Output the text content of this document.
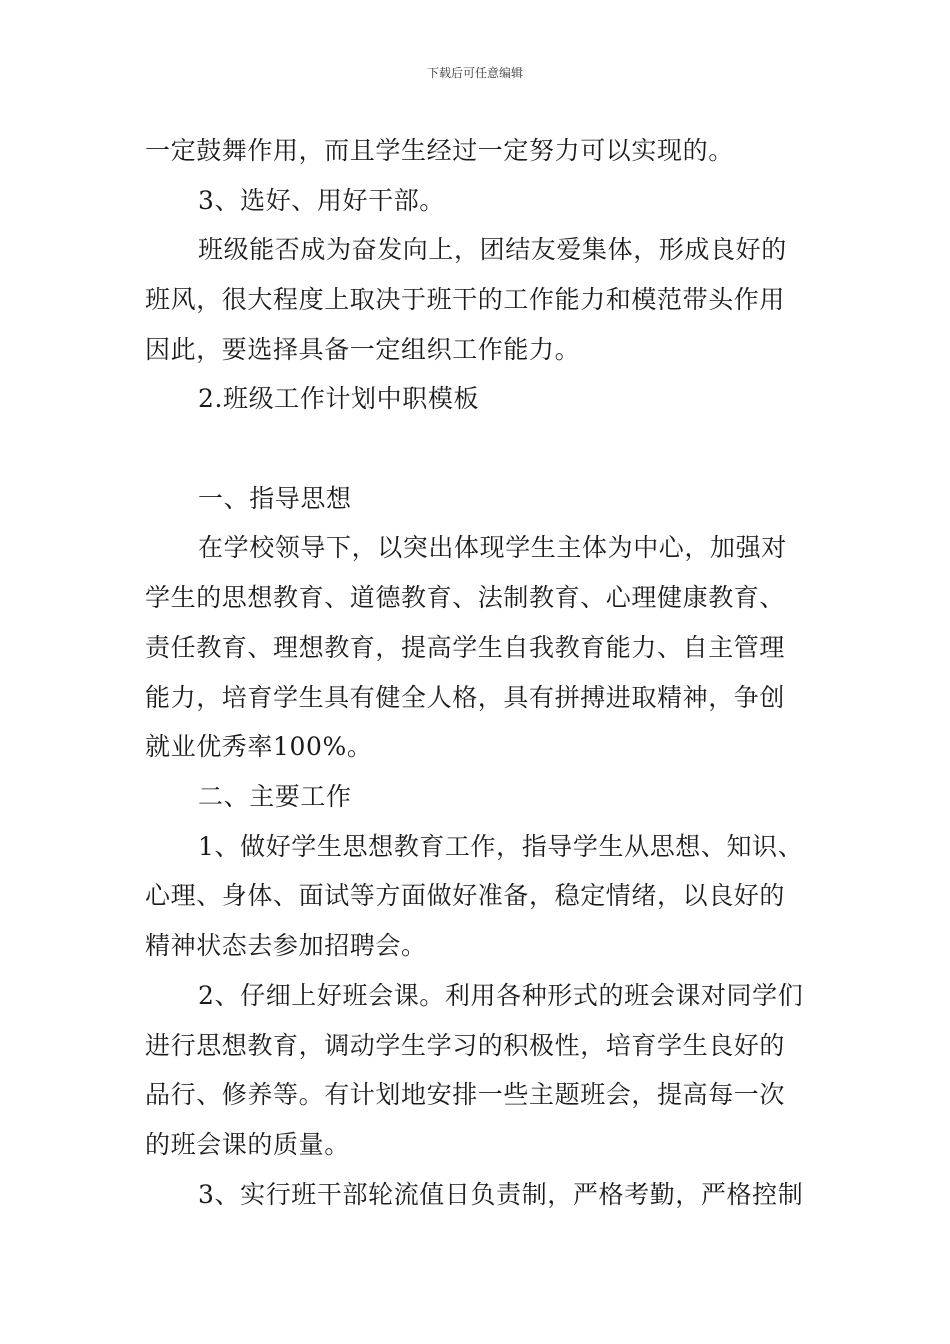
下载后可任意编辑
一定鼓舞作用，而且学生经过一定努力可以实现的。
3、选好、用好干部。
班级能否成为奋发向上，团结友爱集体，形成良好的
班风，很大程度上取决于班干的工作能力和模范带头作用
因此，要选择具备一定组织工作能力。
2.班级工作计划中职模板
一、指导思想
在学校领导下，以突出体现学生主体为中心，加强对
学生的思想教育、道德教育、法制教育、心理健康教育、
责任教育、理想教育，提高学生自我教育能力、自主管理
能力，培育学生具有健全人格，具有拼搏进取精神，争创
就业优秀率100%。
二、主要工作
1、做好学生思想教育工作，指导学生从思想、知识、
心理、身体、面试等方面做好准备，稳定情绪，以良好的
精神状态去参加招聘会。
2、仔细上好班会课。利用各种形式的班会课对同学们
进行思想教育，调动学生学习的积极性，培育学生良好的
品行、修养等。有计划地安排一些主题班会，提高每一次
的班会课的质量。
3、实行班干部轮流值日负责制，严格考勤，严格控制
